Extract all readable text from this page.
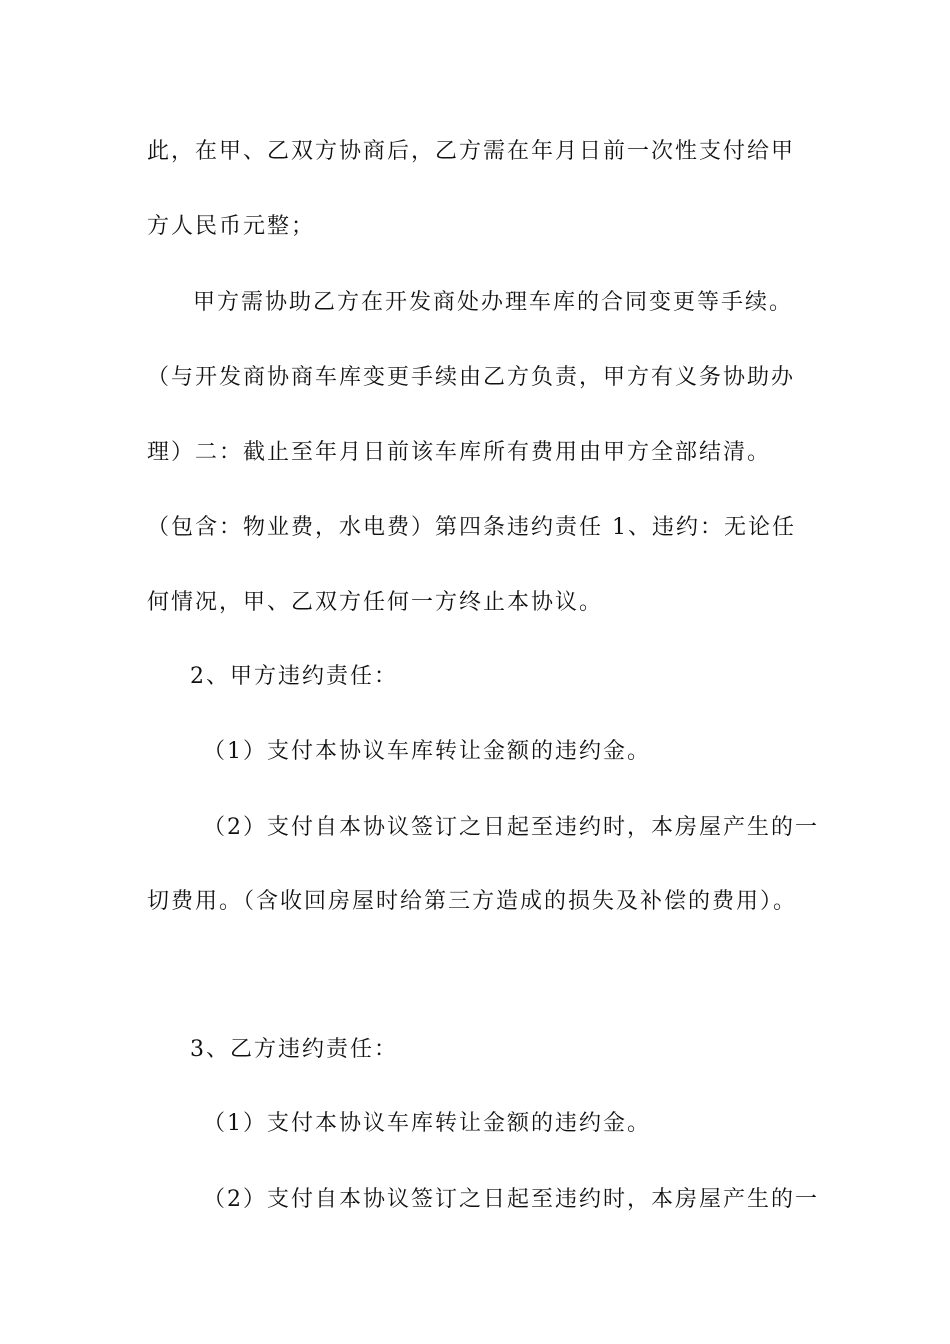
此，在甲、乙双方协商后，乙方需在年月日前一次性支付给甲
方人民币元整；
甲方需协助乙方在开发商处办理车库的合同变更等手续。
（与开发商协商车库变更手续由乙方负责，甲方有义务协助办
理）二：截止至年月日前该车库所有费用由甲方全部结清。
（包含：物业费，水电费）第四条违约责任 1、违约：无论任
何情况，甲、乙双方任何一方终止本协议。
2、甲方违约责任：
（1）支付本协议车库转让金额的违约金。
（2）支付自本协议签订之日起至违约时，本房屋产生的一
切费用。（含收回房屋时给第三方造成的损失及补偿的费用）。
3、乙方违约责任：
（1）支付本协议车库转让金额的违约金。
（2）支付自本协议签订之日起至违约时，本房屋产生的一
